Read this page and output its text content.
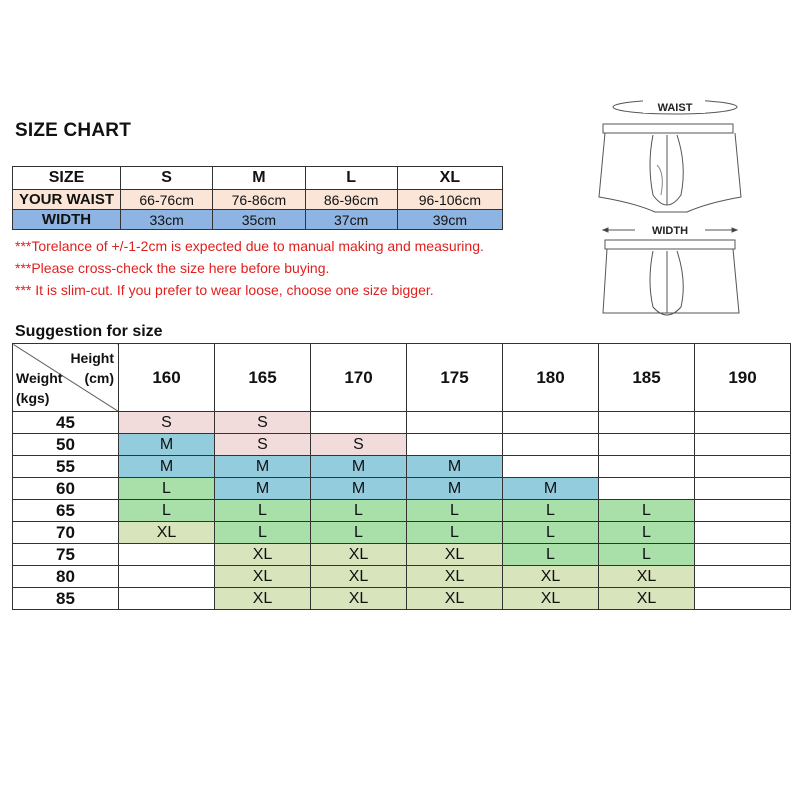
SIZE CHART
SIZE	S	M	L	XL
YOUR WAIST	66-76cm	76-86cm	86-96cm	96-106cm
WIDTH	33cm	35cm	37cm	39cm
***Torelance of +/-1-2cm is expected due to manual making and measuring.
***Please cross-check the size here before buying.
*** It is slim-cut. If you prefer to wear loose, choose one size bigger.
WAIST
WIDTH
Suggestion for size
Height
(cm)
Weight
(kgs)	160	165	170	175	180	185	190
45	S	S					
50	M	S	S				
55	M	M	M	M			
60	L	M	M	M	M		
65	L	L	L	L	L	L	
70	XL	L	L	L	L	L	
75		XL	XL	XL	L	L	
80		XL	XL	XL	XL	XL	
85		XL	XL	XL	XL	XL	
